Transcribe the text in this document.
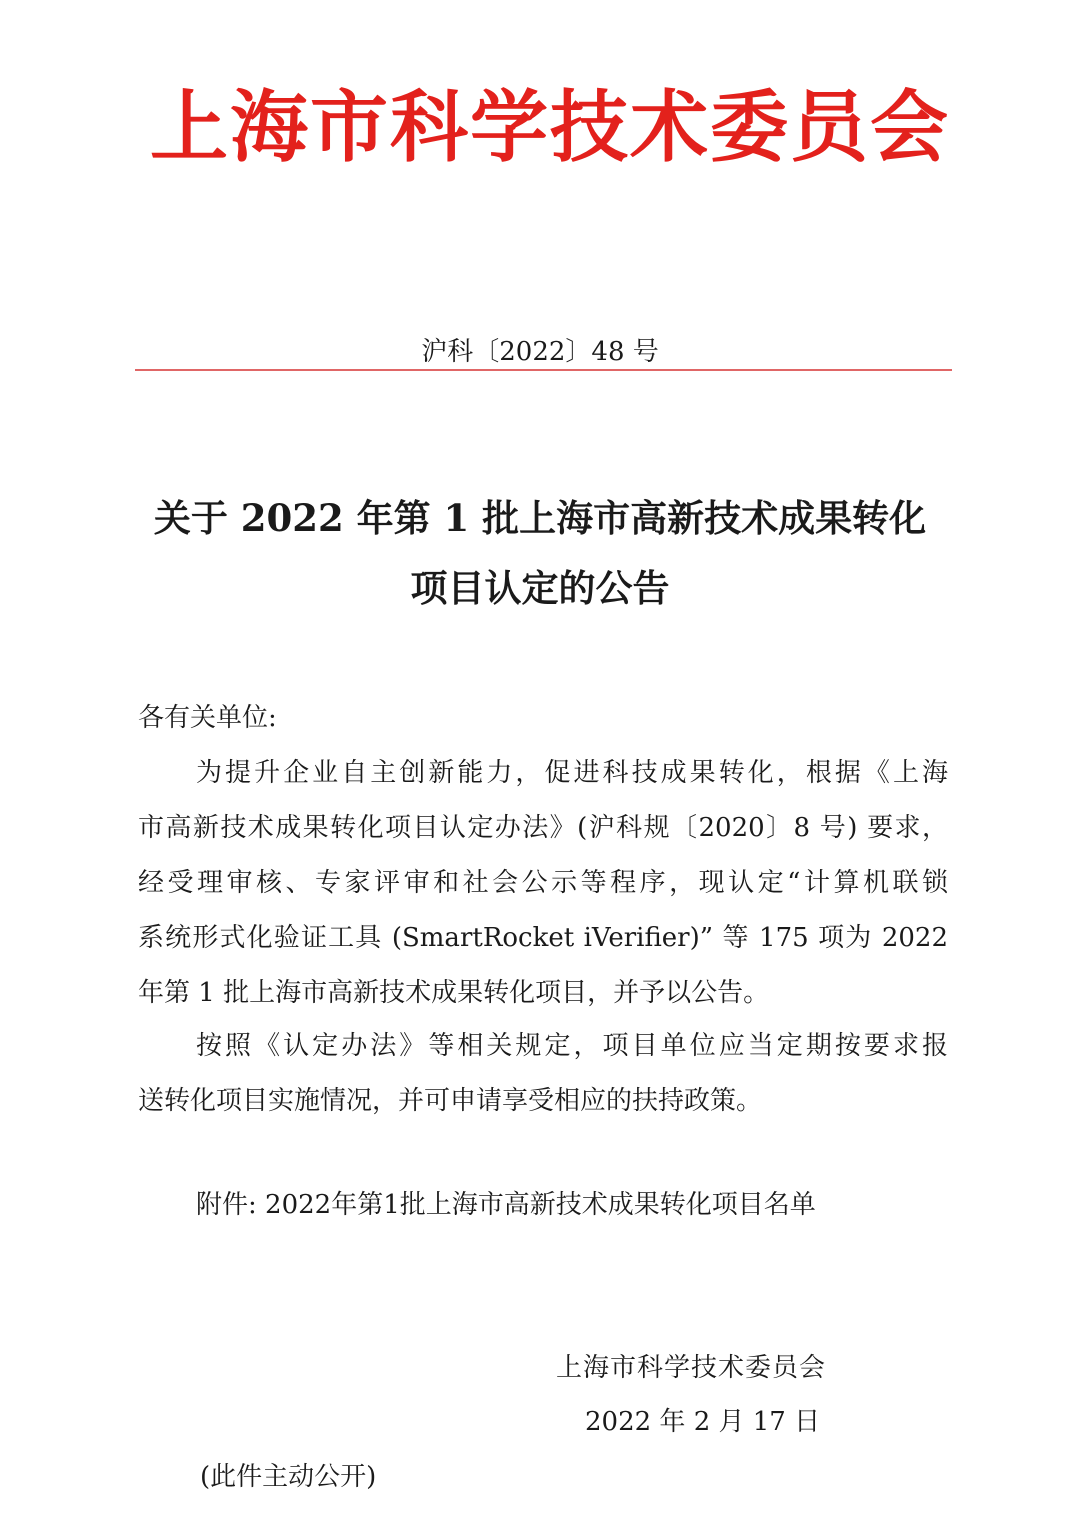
上海市科学技术委员会
沪科〔2022〕48 号
关于 2022 年第 1 批上海市高新技术成果转化
项目认定的公告
各有关单位:
为提升企业自主创新能力，促进科技成果转化，根据《上海
市高新技术成果转化项目认定办法》(沪科规〔2020〕8 号) 要求，
经受理审核、专家评审和社会公示等程序，现认定“计算机联锁
系统形式化验证工具 (SmartRocket iVerifier)” 等 175 项为 2022
年第 1 批上海市高新技术成果转化项目，并予以公告。
按照《认定办法》等相关规定，项目单位应当定期按要求报
送转化项目实施情况，并可申请享受相应的扶持政策。
附件: 2022年第1批上海市高新技术成果转化项目名单
上海市科学技术委员会
2022 年 2 月 17 日
(此件主动公开)
